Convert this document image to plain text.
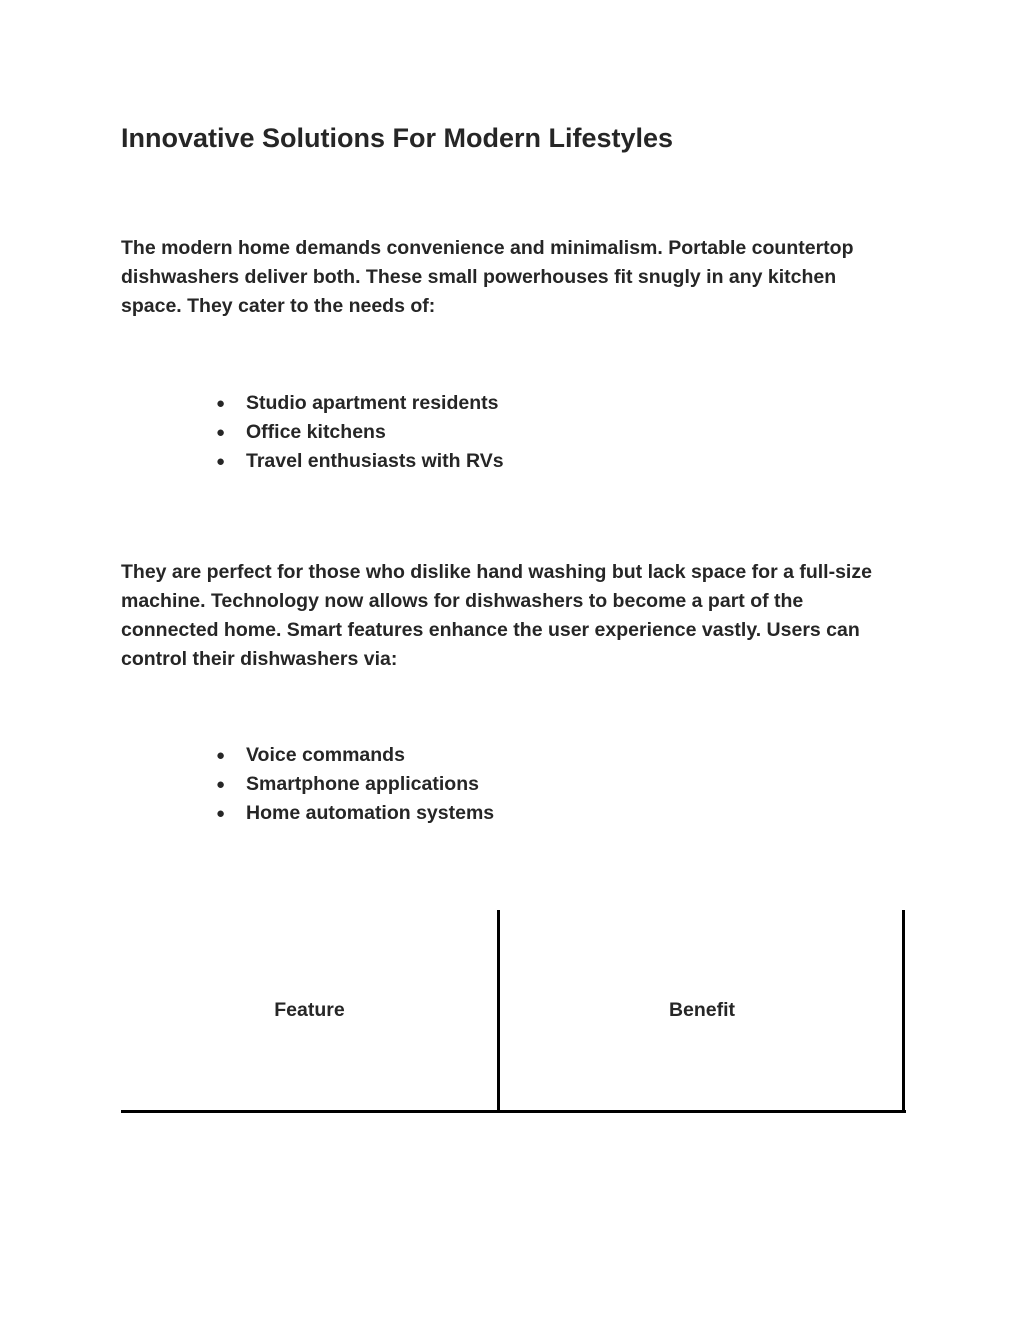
Innovative Solutions For Modern Lifestyles

The modern home demands convenience and minimalism. Portable countertop dishwashers deliver both. These small powerhouses fit snugly in any kitchen space. They cater to the needs of:

● Studio apartment residents
● Office kitchens
● Travel enthusiasts with RVs

They are perfect for those who dislike hand washing but lack space for a full-size machine. Technology now allows for dishwashers to become a part of the connected home. Smart features enhance the user experience vastly. Users can control their dishwashers via:

● Voice commands
● Smartphone applications
● Home automation systems
Feature	Benefit
